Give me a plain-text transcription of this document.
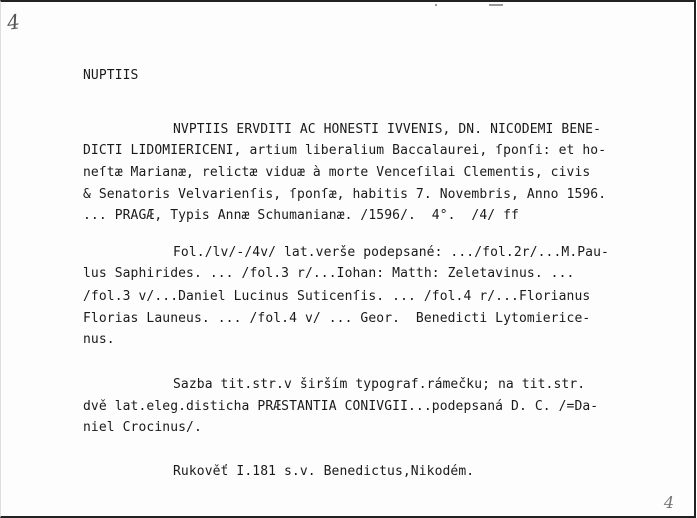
4
NUPTIIS
NVPTIIS ERVDITI AC HONESTI IVVENIS, DN. NICODEMI BENE-
DICTI LIDOMIERICENI, artium liberalium Baccalaurei, ſponſi: et ho-
neſtæ Marianæ, relictæ viduæ à morte Venceſilai Clementis, civis
& Senatoris Velvarienſis, ſponſæ, habitis 7. Novembris, Anno 1596.
... PRAGÆ, Typis Annæ Schumanianæ. /1596/.  4°.  /4/ ff
Fol./lv/-/4v/ lat.verše podepsané: .../fol.2r/...M.Pau-
lus Saphirides. ... /fol.3 r/...Iohan: Matth: Zeletavinus. ...
/fol.3 v/...Daniel Lucinus Suticenſis. ... /fol.4 r/...Florianus
Florias Launeus. ... /fol.4 v/ ... Geor.  Benedicti Lytomierice-
nus.
Sazba tit.str.v širším typograf.rámečku; na tit.str.
dvě lat.eleg.disticha PRÆSTANTIA CONIVGII...podepsaná D. C. /=Da-
niel Crocinus/.
Rukověť I.181 s.v. Benedictus,Nikodém.
4
